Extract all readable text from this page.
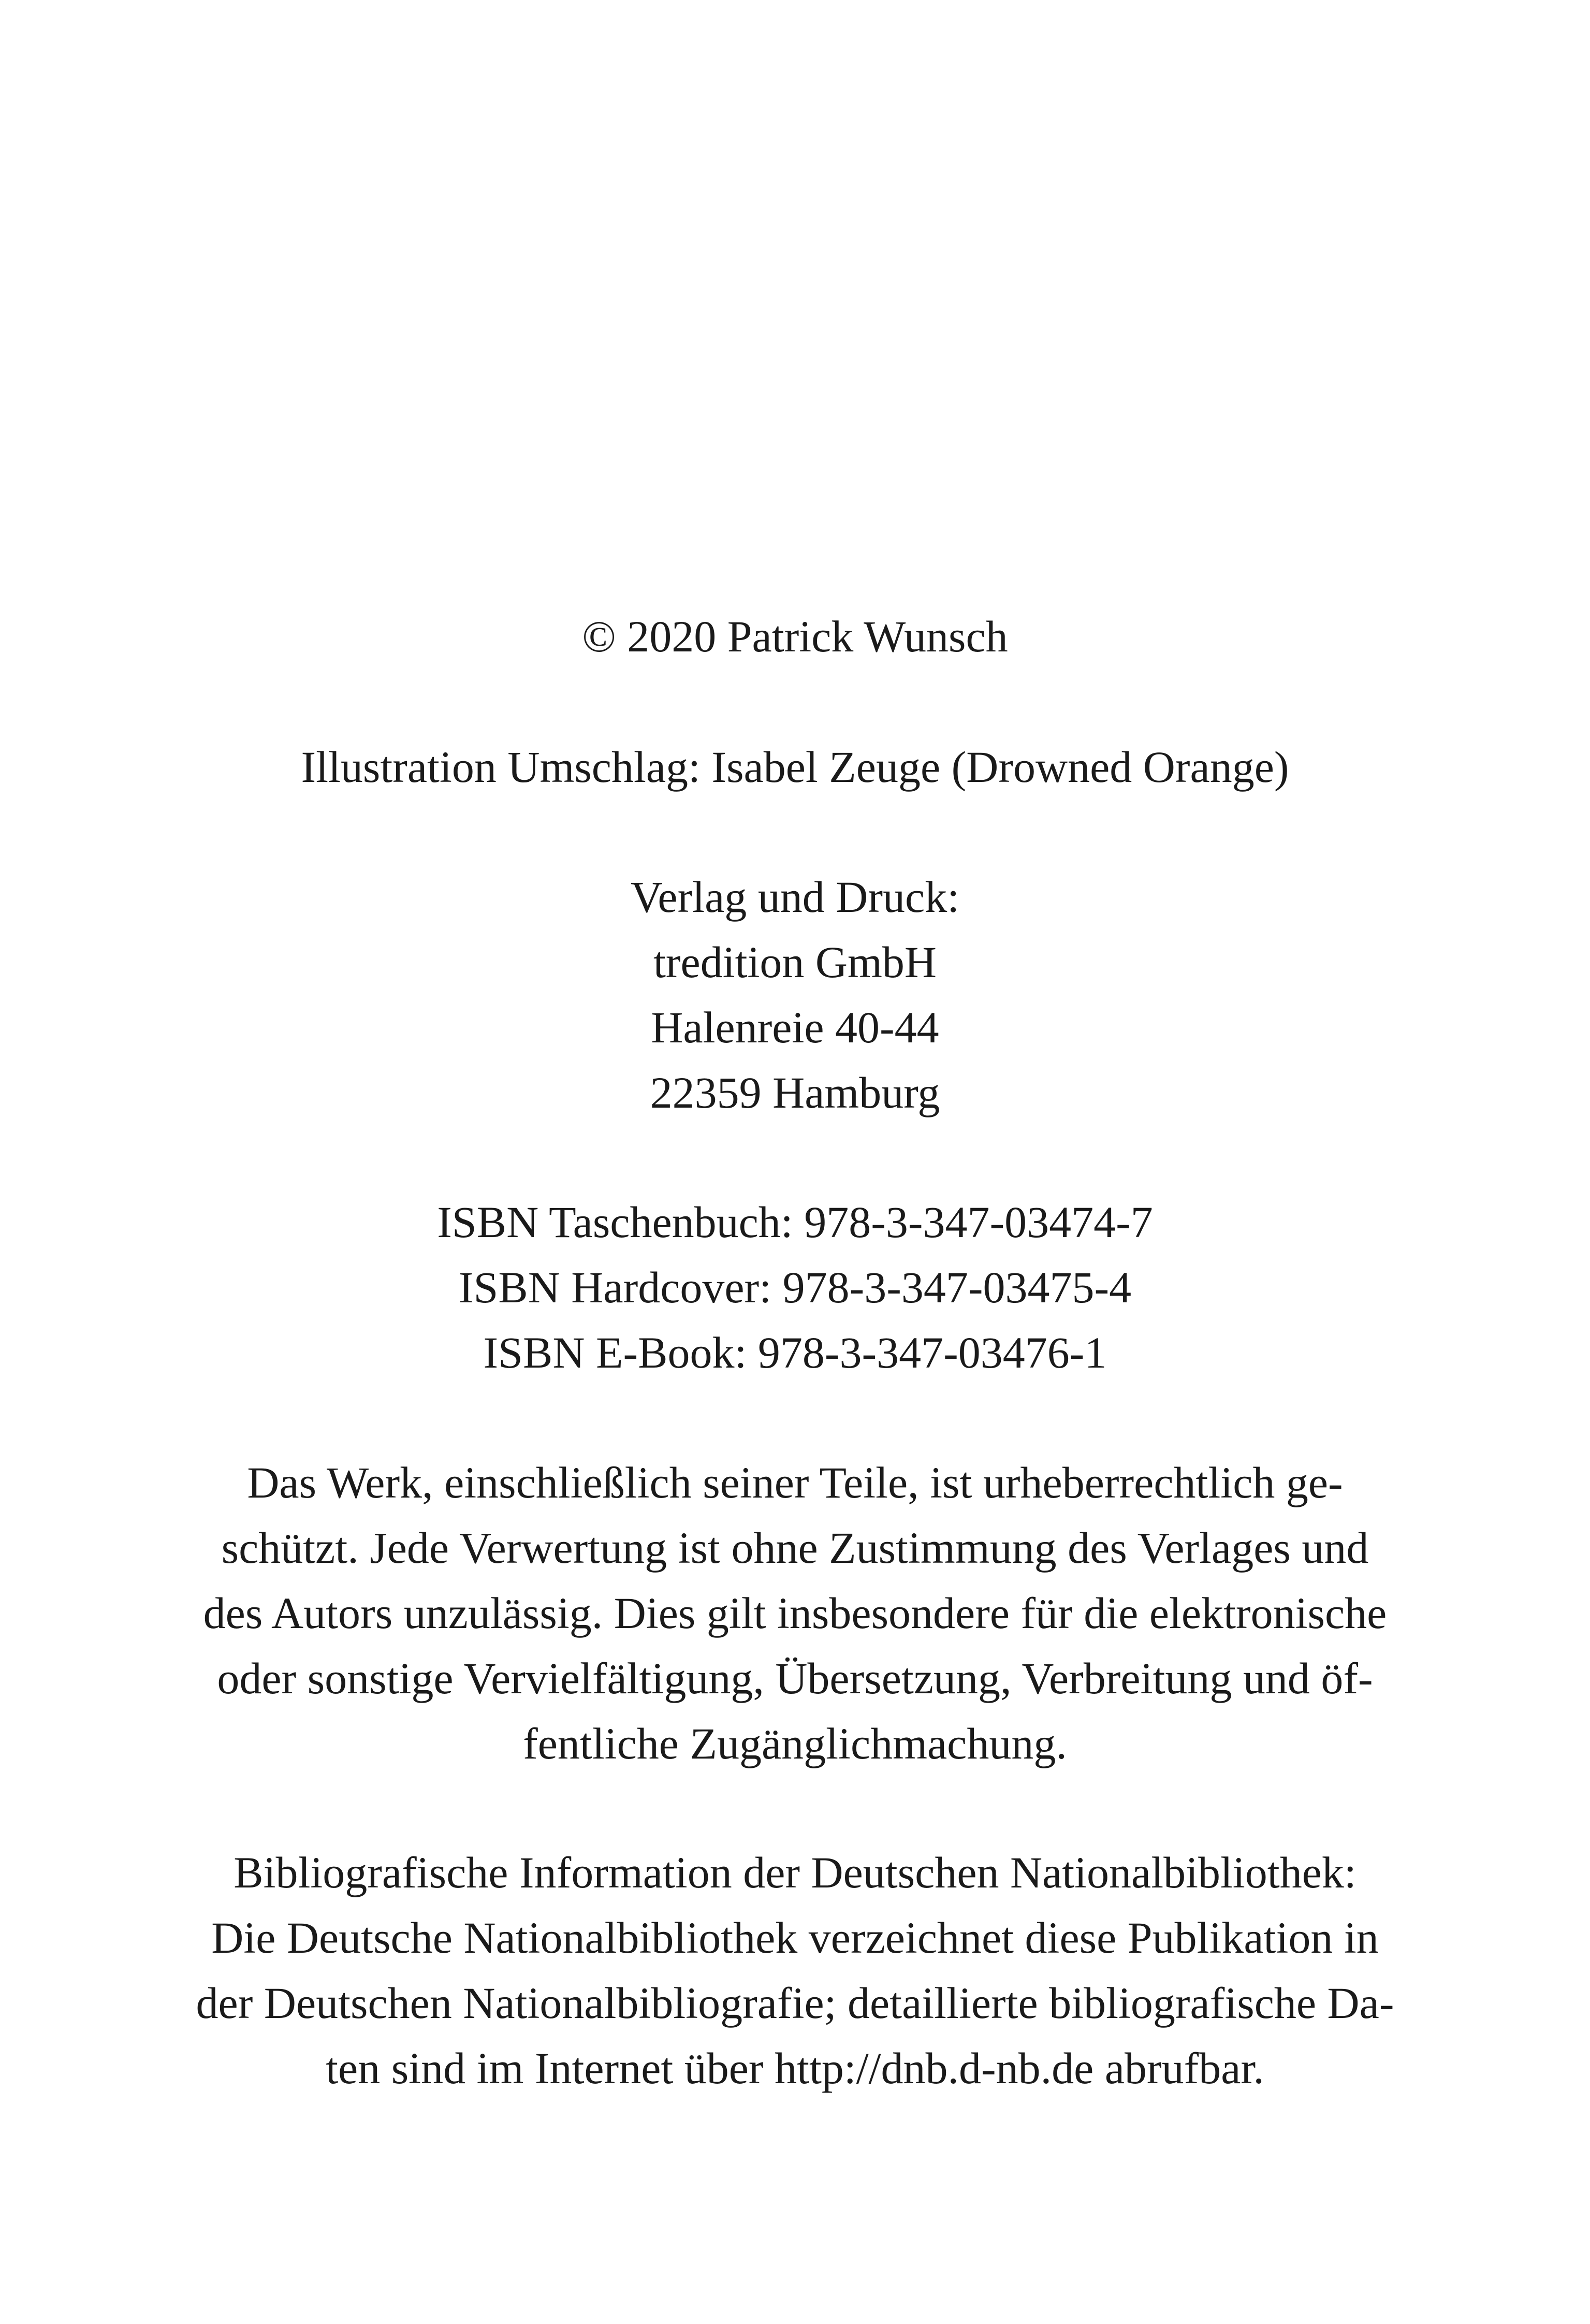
© 2020 Patrick Wunsch
Illustration Umschlag: Isabel Zeuge (Drowned Orange)
Verlag und Druck:
tredition GmbH
Halenreie 40-44
22359 Hamburg
ISBN Taschenbuch: 978-3-347-03474-7
ISBN Hardcover: 978-3-347-03475-4
ISBN E-Book: 978-3-347-03476-1
Das Werk, einschließlich seiner Teile, ist urheberrechtlich ge-
schützt. Jede Verwertung ist ohne Zustimmung des Verlages und
des Autors unzulässig. Dies gilt insbesondere für die elektronische
oder sonstige Vervielfältigung, Übersetzung, Verbreitung und öf-
fentliche Zugänglichmachung.
Bibliografische Information der Deutschen Nationalbibliothek:
Die Deutsche Nationalbibliothek verzeichnet diese Publikation in
der Deutschen Nationalbibliografie; detaillierte bibliografische Da-
ten sind im Internet über http://dnb.d-nb.de abrufbar.
